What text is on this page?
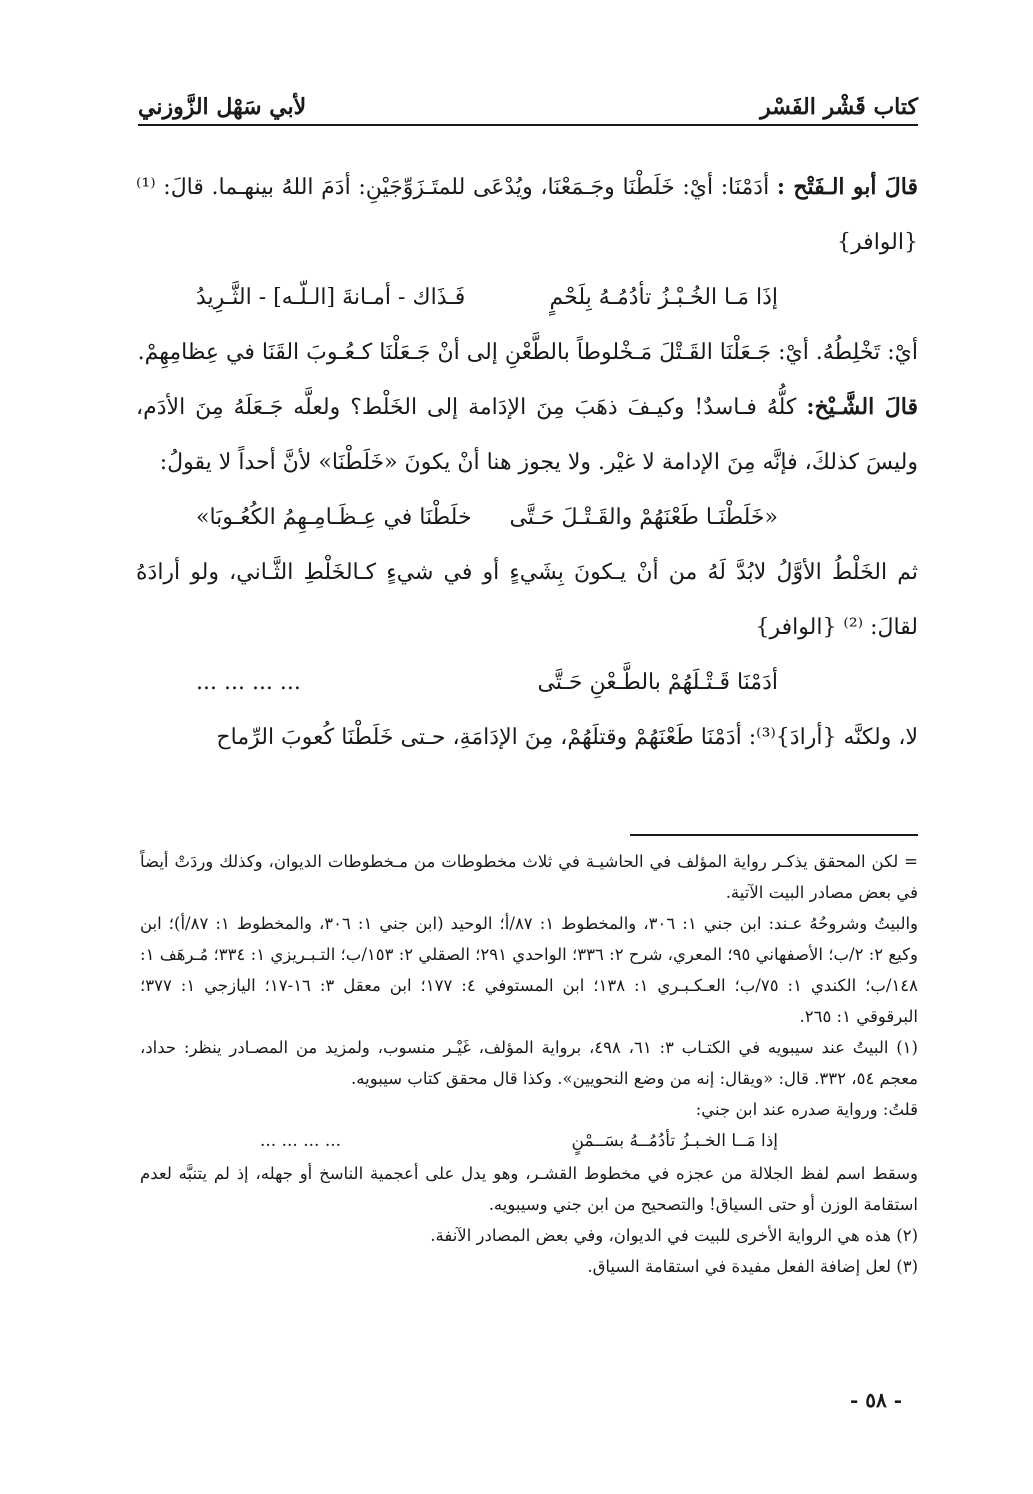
كتاب قَشْر الفَسْر
لأبي سَهْل الزَّوزني

قالَ أبو الـفَتْح : أدَمْنَا: أيْ: خَلَطْنَا وجَـمَعْنَا، ويُدْعَى للمتَـزَوِّجَيْنِ: أدَمَ اللهُ بينهـما. قالَ: ⁽¹⁾ {الوافر}

إذَا مَـا الخُـبْـزُ تأدُمُـهُ بِلَحْمٍ
فَـذَاك - أمـانةَ [الـلّـه] - الثَّـرِيدُ

أيْ: تَخْلِطُهُ. أيْ: جَـعَلْنَا القَـتْلَ مَـخْلوطاً بالطَّعْنِ إلى أنْ جَـعَلْنَا كـعُـوبَ القَنَا في عِظامِهِمْ.

قالَ الشَّـيْخ: كلُّهُ فـاسدٌ! وكيـفَ ذهَبَ مِنَ الإدَامة إلى الخَلْط؟ ولعلَّه جَـعَلَهُ مِنَ الأدَم، وليسَ كذلكَ، فإنَّه مِنَ الإدامة لا غيْر. ولا يجوز هنا أنْ يكونَ «خَلَطْنَا» لأنَّ أحداً لا يقولُ:

«خَلَطْنَـا طَعْنَهُمْ والقَـتْـلَ حَـتَّى
خلَطْنَا في عِـظَـامِـهِمُ الكُعُـوبَا»

ثم الخَلْطُ الأوَّلُ لابُدَّ لَهُ من أنْ يـكونَ بِشَيءٍ أو في شيءٍ كـالخَلْطِ الثَّـاني، ولو أرادَهُ لقالَ: ⁽²⁾ {الوافر}

أدَمْنَا قَـتْـلَهُمْ بالطَّـعْنِ حَـتَّى
... ... ... ...

لا، ولكنَّه {أرادَ}⁽³⁾: أدَمْنَا طَعْنَهُمْ وقتلَهُمْ، مِنَ الإدَامَةِ، حـتى خَلَطْنَا كُعوبَ الرِّماح

= لكن المحقق يذكـر رواية المؤلف في الحاشيـة في ثلاث مخطوطات من مـخطوطات الديوان، وكذلك وردَتْ أيضاً في بعض مصادر البيت الآتية.

والبيتُ وشروحُهُ عـند: ابن جني ١: ٣٠٦، والمخطوط ١: ٨٧/أ؛ الوحيد (ابن جني ١: ٣٠٦، والمخطوط ١: ٨٧/أ)؛ ابن وكيع ٢: ٢/ب؛ الأصفهاني ٩٥؛ المعري، شرح ٢: ٣٣٦؛ الواحدي ٢٩١؛ الصقلي ٢: ١٥٣/ب؛ التـبـريزي ١: ٣٣٤؛ مُـرهَف ١: ١٤٨/ب؛ الكندي ١: ٧٥/ب؛ العـكـبـري ١: ١٣٨؛ ابن المستوفي ٤: ١٧٧؛ ابن معقل ٣: ١٦-١٧؛ اليازجي ١: ٣٧٧؛ البرقوقي ١: ٢٦٥.

(١) البيتُ عند سيبويه في الكتـاب ٣: ٦١، ٤٩٨، برواية المؤلف، غَيْـر منسوب، ولمزيد من المصـادر ينظر: حداد، معجم ٥٤، ٣٣٢. قال: «ويقال: إنه من وضع النحويين». وكذا قال محقق كتاب سيبويه.

قلتُ: ورواية صدره عند ابن جني:

إذا مَــا الخـبـزُ تأدُمُــهُ بسَــمْنٍ
... ... ... ...

وسقط اسم لفظ الجلالة من عجزه في مخطوط القشـر، وهو يدل على أعجمية الناسخ أو جهله، إذ لم يتنبَّه لعدم استقامة الوزن أو حتى السياق! والتصحيح من ابن جني وسيبويه.

(٢) هذه هي الرواية الأخرى للبيت في الديوان، وفي بعض المصادر الآنفة.

(٣) لعل إضافة الفعل مفيدة في استقامة السياق.

- ٥٨ -
